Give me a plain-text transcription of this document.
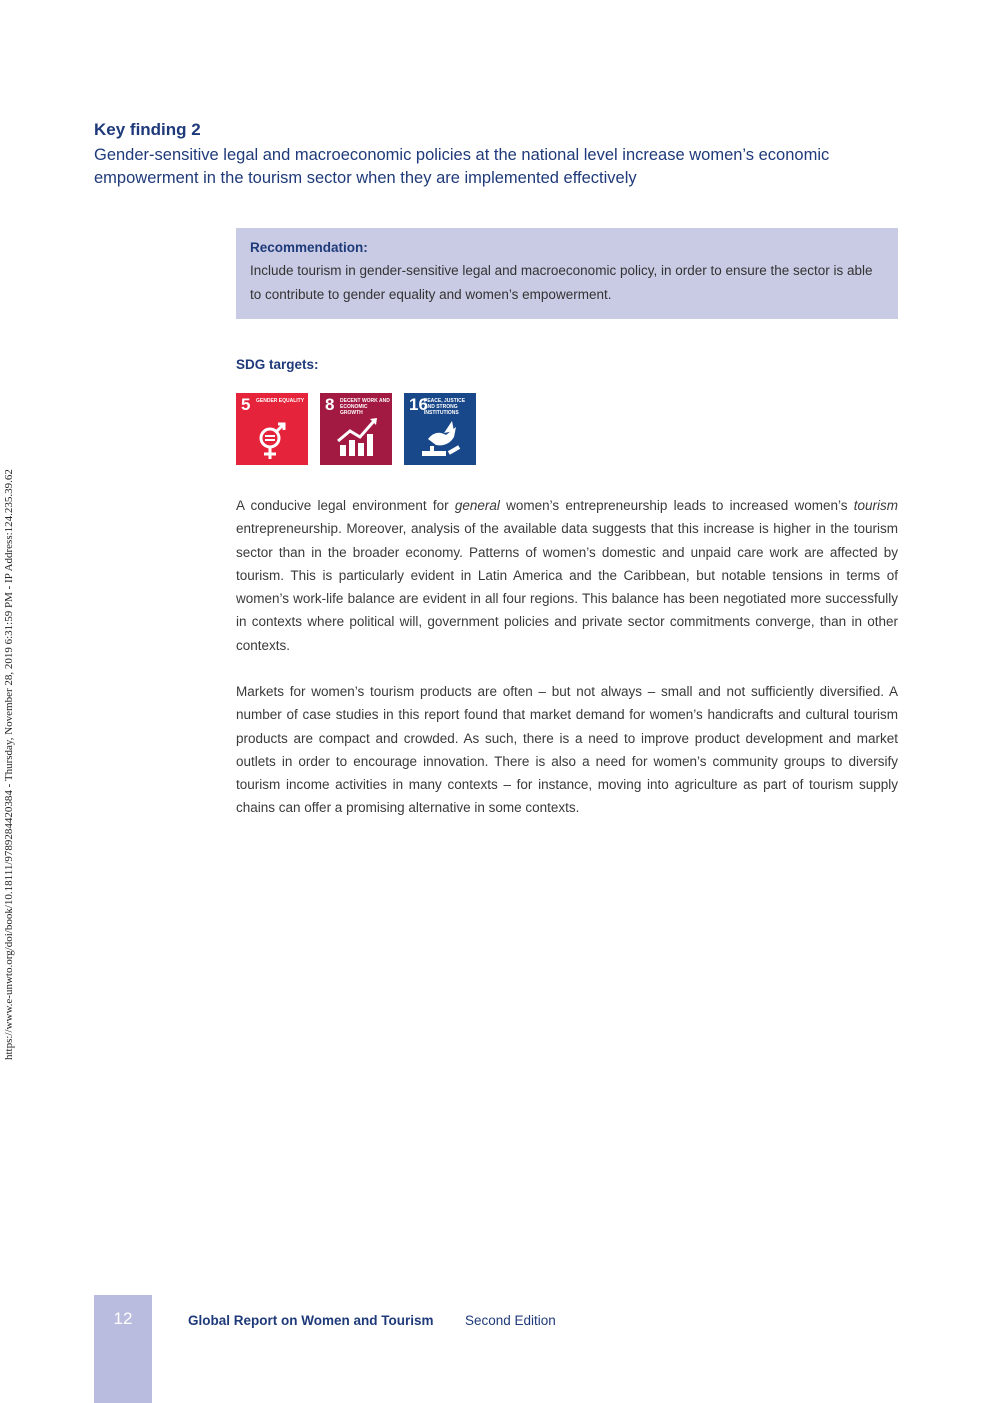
https://www.e-unwto.org/doi/book/10.18111/9789284420384 - Thursday, November 28, 2019 6:31:59 PM - IP Address:124.235.39.62
Key finding 2
Gender-sensitive legal and macroeconomic policies at the national level increase women’s economic empowerment in the tourism sector when they are implemented effectively
Recommendation:
Include tourism in gender-sensitive legal and macroeconomic policy, in order to ensure the sector is able to contribute to gender equality and women’s empowerment.
SDG targets:
5 GENDER EQUALITY 8 DECENT WORK AND ECONOMIC GROWTH	16
PEACE, JUSTICE AND STRONG INSTITUTIONS
A conducive legal environment for general women’s entrepreneurship leads to increased women’s tourism entrepreneurship. Moreover, analysis of the available data suggests that this increase is higher in the tourism sector than in the broader economy. Patterns of women’s domestic and unpaid care work are affected by tourism. This is particularly evident in Latin America and the Caribbean, but notable tensions in terms of women’s work-life balance are evident in all four regions. This balance has been negotiated more successfully in contexts where political will, government policies and private sector commitments converge, than in other contexts.
Markets for women’s tourism products are often – but not always – small and not sufficiently diversified. A number of case studies in this report found that market demand for women’s handicrafts and cultural tourism products are compact and crowded. As such, there is a need to improve product development and market outlets in order to encourage innovation. There is also a need for women’s community groups to diversify tourism income activities in many contexts – for instance, moving into agriculture as part of tourism supply chains can offer a promising alternative in some contexts.
12	Global Report on Women and Tourism Second Edition
